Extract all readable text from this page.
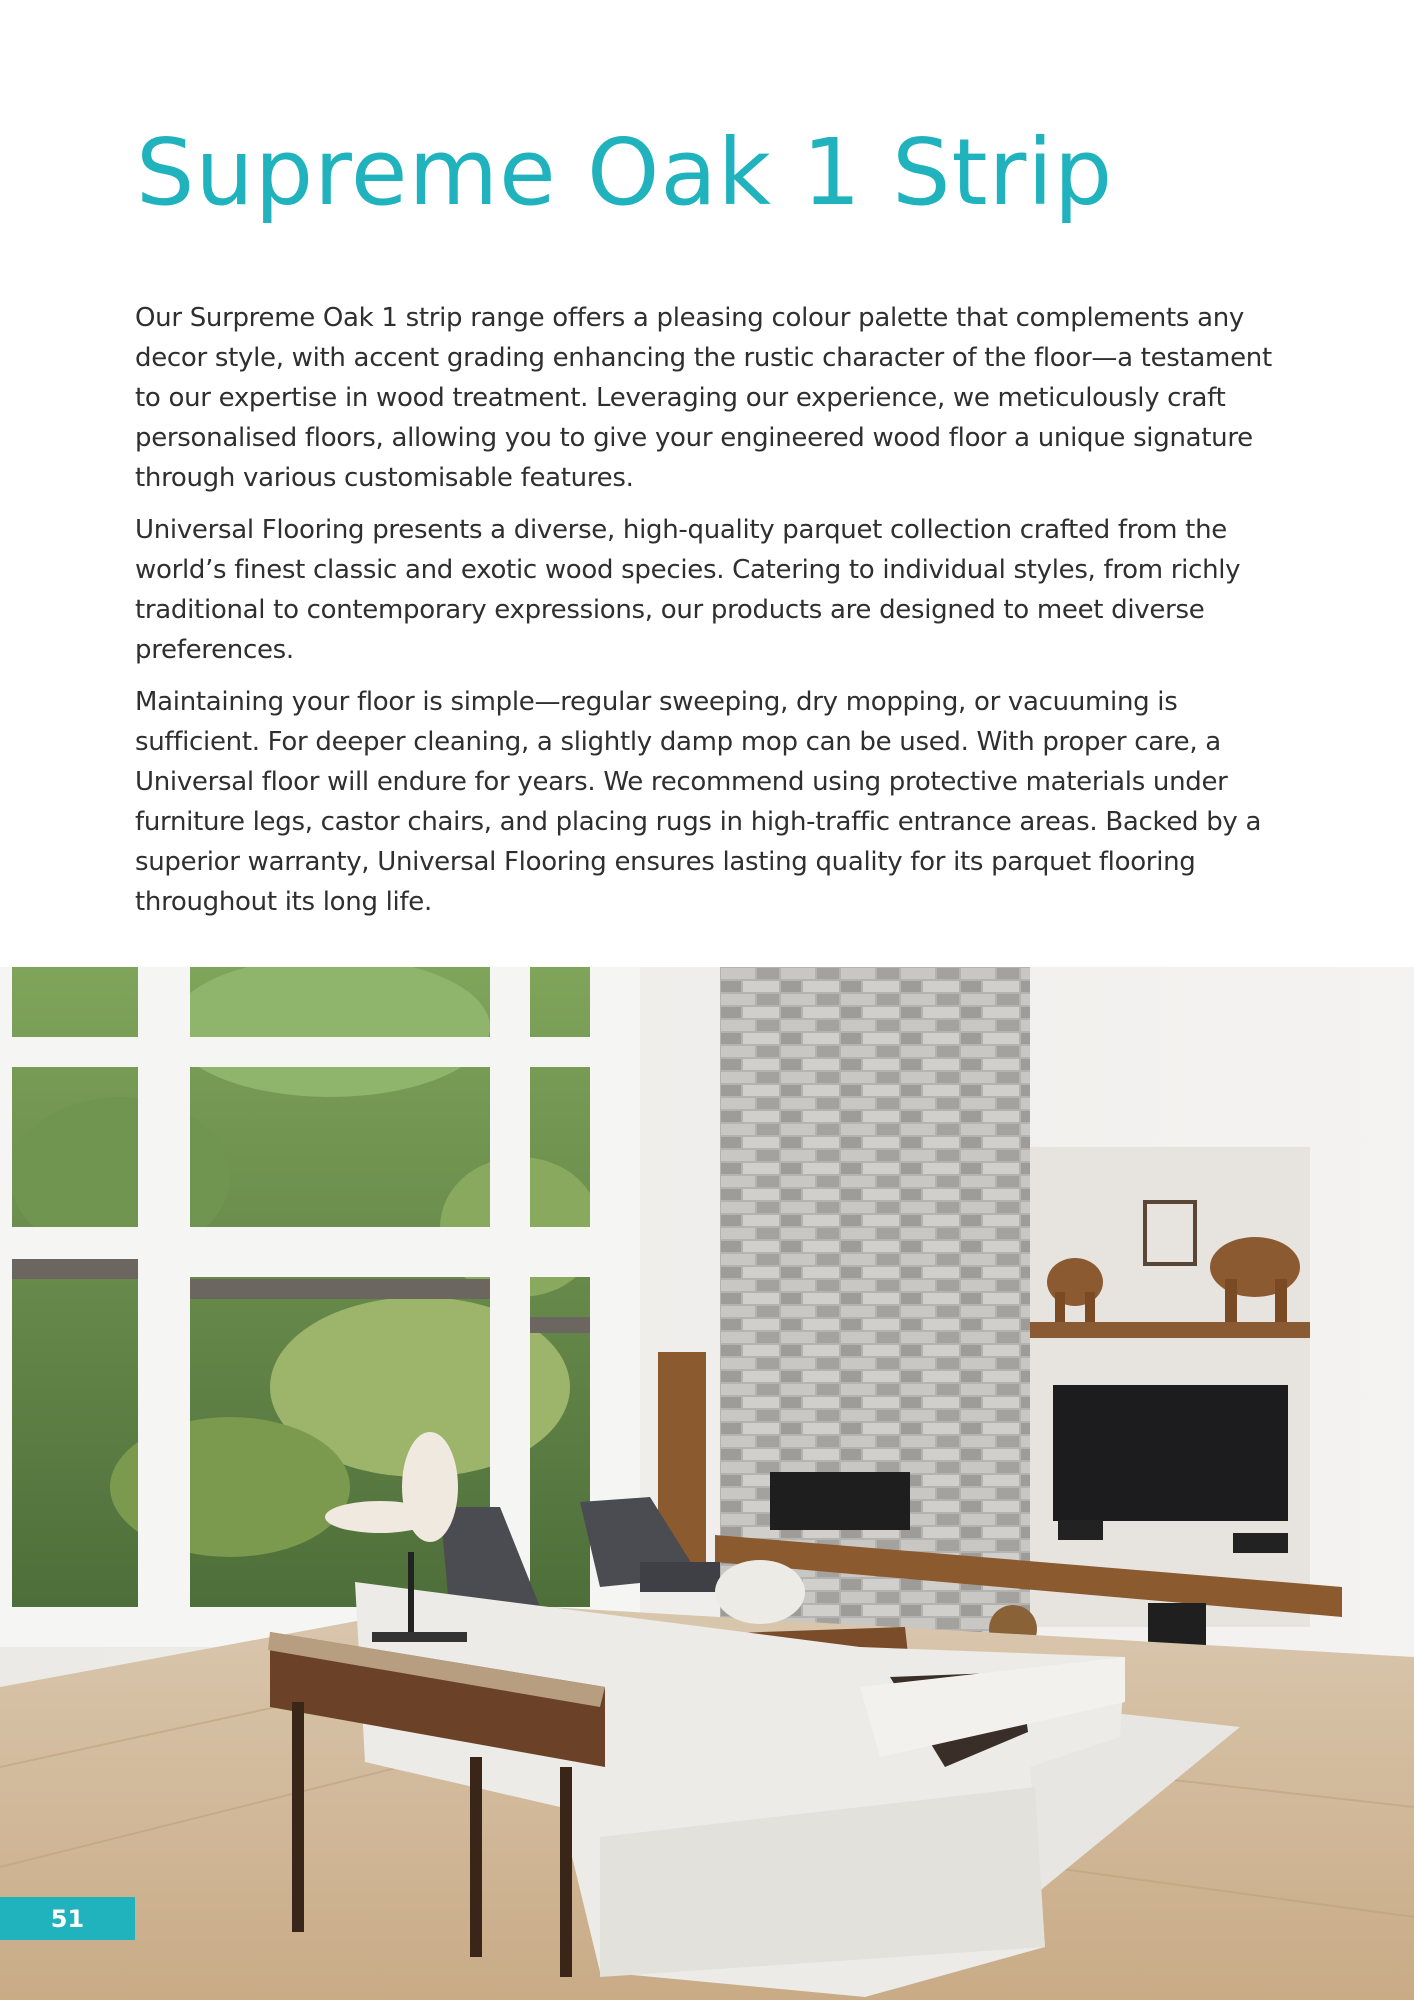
Supreme Oak 1 Strip

Our Surpreme Oak 1 strip range offers a pleasing colour palette that complements any decor style, with accent grading enhancing the rustic character of the floor—a testament to our expertise in wood treatment. Leveraging our experience, we meticulously craft personalised floors, allowing you to give your engineered wood floor a unique signature through various customisable features.

Universal Flooring presents a diverse, high-quality parquet collection crafted from the world’s finest classic and exotic wood species. Catering to individual styles, from richly traditional to contemporary expressions, our products are designed to meet diverse preferences.

Maintaining your floor is simple—regular sweeping, dry mopping, or vacuuming is sufficient. For deeper cleaning, a slightly damp mop can be used. With proper care, a Universal floor will endure for years. We recommend using protective materials under furniture legs, castor chairs, and placing rugs in high-traffic entrance areas. Backed by a superior warranty, Universal Flooring ensures lasting quality for its parquet flooring throughout its long life.

51
